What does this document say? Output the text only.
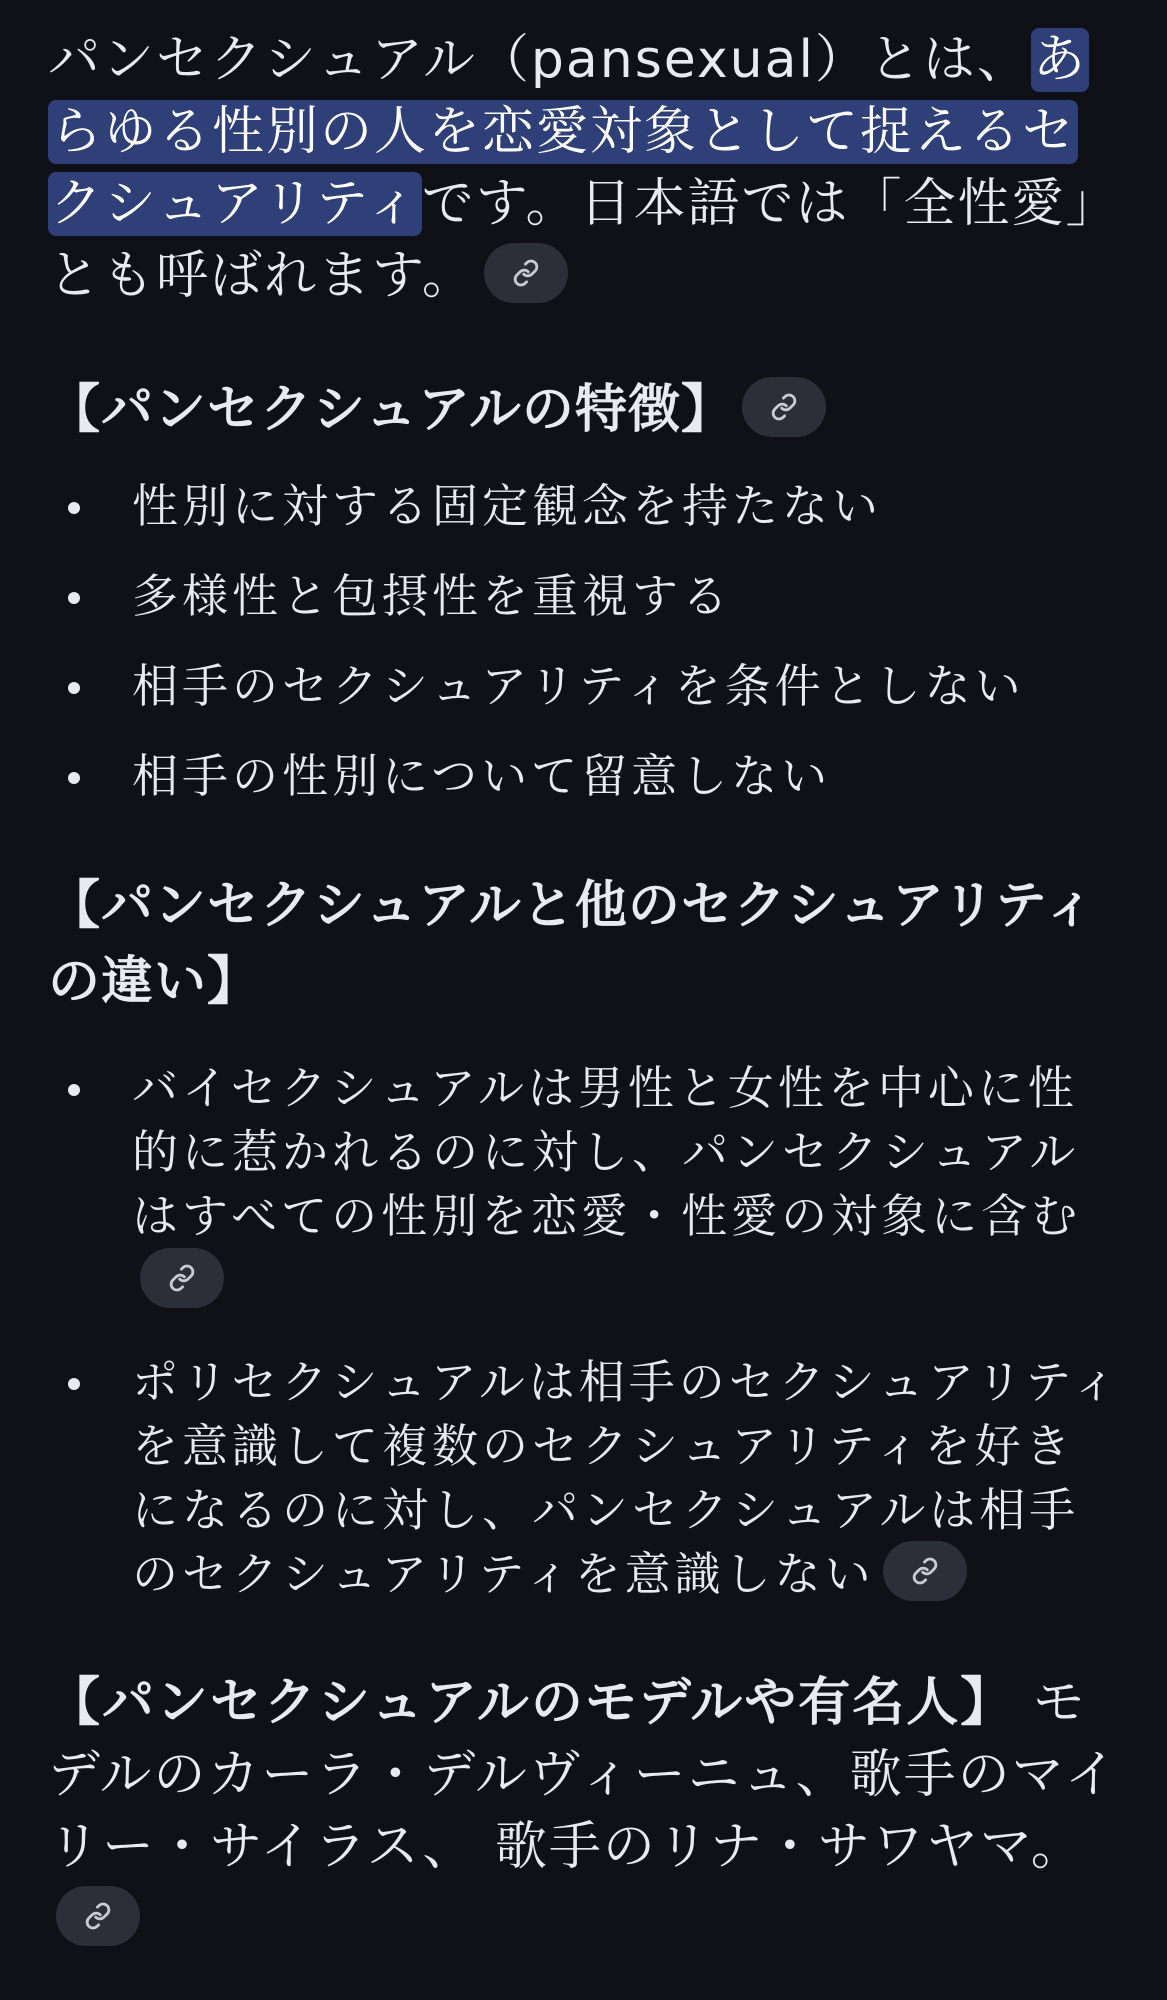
パンセクシュアル（pansexual）とは、あらゆる性別の人を恋愛対象として捉えるセクシュアリティです。日本語では「全性愛」とも呼ばれます。

【パンセクシュアルの特徴】

性別に対する固定観念を持たない
多様性と包摂性を重視する
相手のセクシュアリティを条件としない
相手の性別について留意しない

【パンセクシュアルと他のセクシュアリティの違い】

バイセクシュアルは男性と女性を中心に性的に惹かれるのに対し、パンセクシュアルはすべての性別を恋愛・性愛の対象に含む
ポリセクシュアルは相手のセクシュアリティを意識して複数のセクシュアリティを好きになるのに対し、パンセクシュアルは相手のセクシュアリティを意識しない

【パンセクシュアルのモデルや有名人】 モデルのカーラ・デルヴィーニュ、歌手のマイリー・サイラス、 歌手のリナ・サワヤマ。
